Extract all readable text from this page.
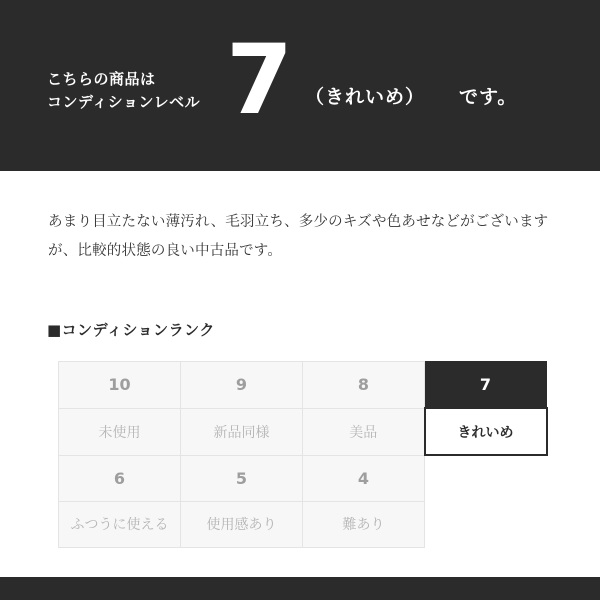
こちらの商品は
コンディションレベル 7 （きれいめ） です。
あまり目立たない薄汚れ、毛羽立ち、多少のキズや色あせなどがございますが、比較的状態の良い中古品です。
■コンディションランク
10	9	8	7
未使用	新品同様	美品	きれいめ
6	5	4	
ふつうに使える	使用感あり	難あり	
